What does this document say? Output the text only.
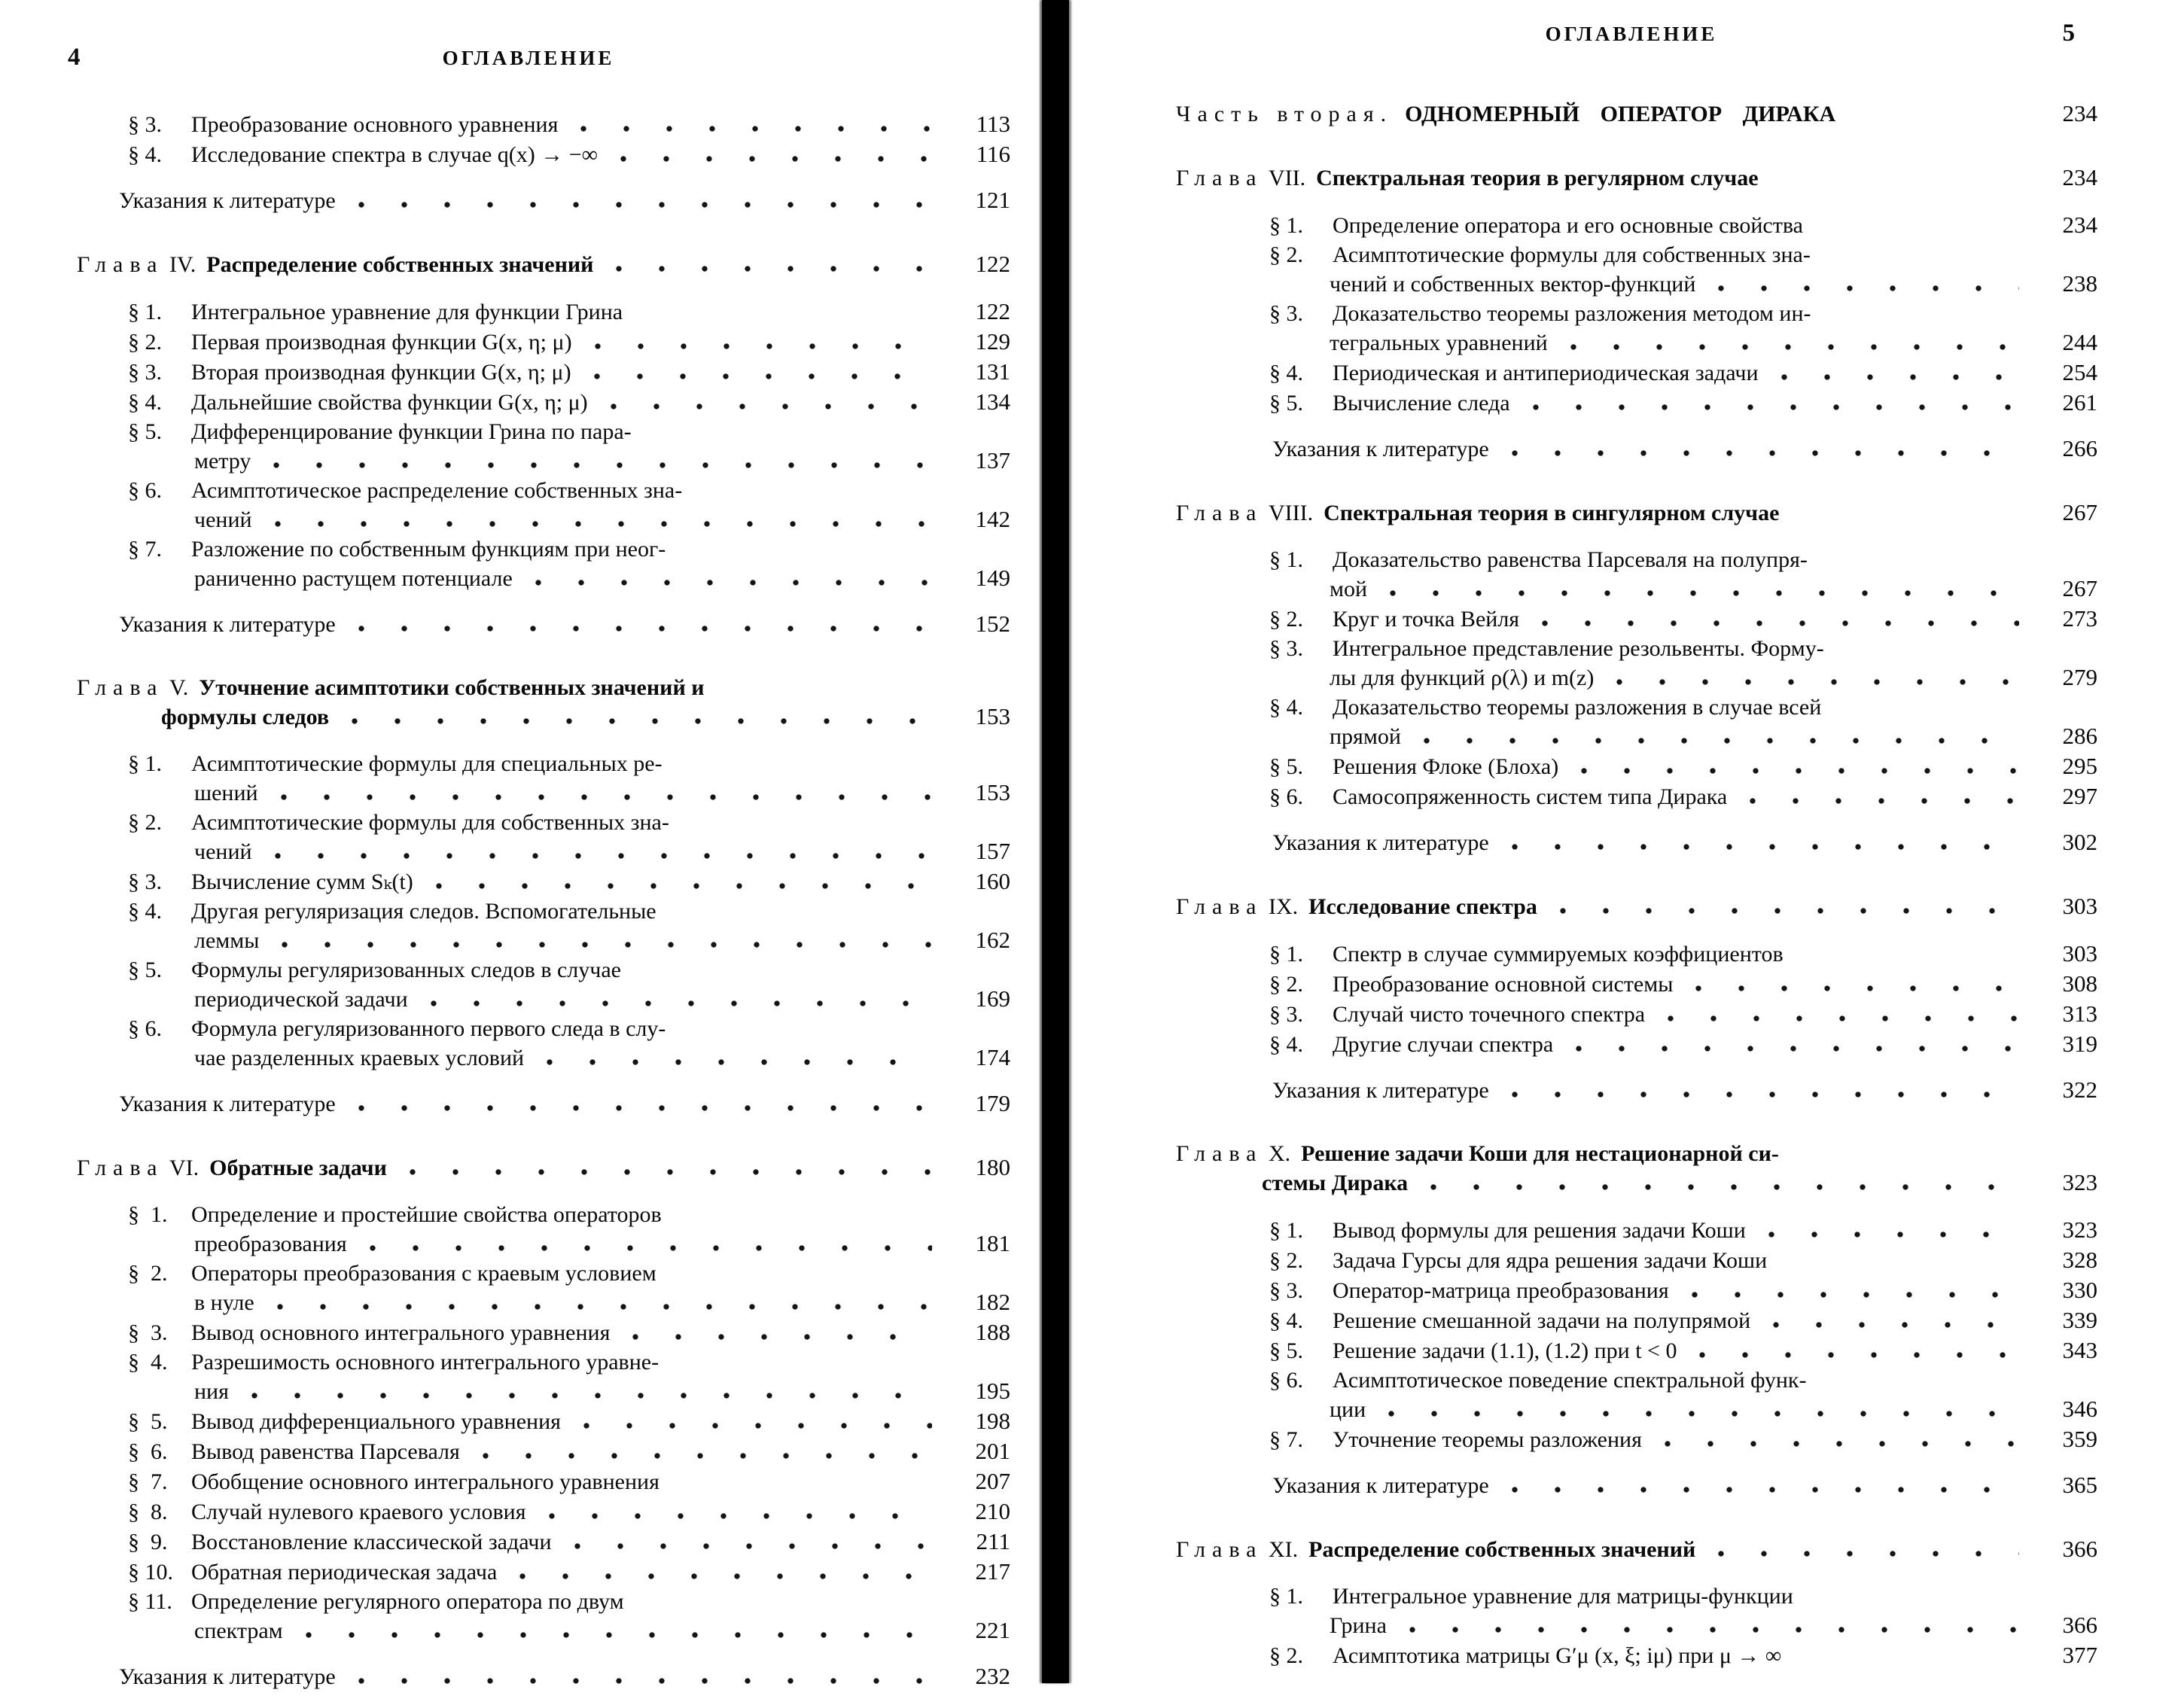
4	ОГЛАВЛЕНИЕ
§ 3.	Преобразование основного уравнения	113
§ 4.	Исследование спектра в случае q(x) → −∞	116
Указания к литературе	121
Глава IV. Распределение собственных значений	122
§ 1.	Интегральное уравнение для функции Грина	122
§ 2.	Первая производная функции G(x, η; μ)	129
§ 3.	Вторая производная функции G(x, η; μ)	131
§ 4.	Дальнейшие свойства функции G(x, η; μ)	134
§ 5.	Дифференцирование функции Грина по пара-
метру	137
§ 6.	Асимптотическое распределение собственных зна-
чений	142
§ 7.	Разложение по собственным функциям при неог-
раниченно растущем потенциале	149
Указания к литературе	152
Глава V. Уточнение асимптотики собственных значений и
формулы следов	153
§ 1.	Асимптотические формулы для специальных ре-
шений	153
§ 2.	Асимптотические формулы для собственных зна-
чений	157
§ 3.	Вычисление сумм Sₖ(t)	160
§ 4.	Другая регуляризация следов. Вспомогательные
леммы	162
§ 5.	Формулы регуляризованных следов в случае
периодической задачи	169
§ 6.	Формула регуляризованного первого следа в слу-
чае разделенных краевых условий	174
Указания к литературе	179
Глава VI. Обратные задачи	180
§  1.	Определение и простейшие свойства операторов
преобразования	181
§  2.	Операторы преобразования с краевым условием
в нуле	182
§  3.	Вывод основного интегрального уравнения	188
§  4.	Разрешимость основного интегрального уравне-
ния	195
§  5.	Вывод дифференциального уравнения	198
§  6.	Вывод равенства Парсеваля	201
§  7.	Обобщение основного интегрального уравнения	207
§  8.	Случай нулевого краевого условия	210
§  9.	Восстановление классической задачи	211
§ 10. Обратная периодическая задача	217
§ 11. Определение регулярного оператора по двум
спектрам	221
Указания к литературе	232
ОГЛАВЛЕНИЕ	5
Часть вторая. ОДНОМЕРНЫЙ ОПЕРАТОР ДИРАКА	234
Глава VII. Спектральная теория в регулярном случае	234
§ 1.	Определение оператора и его основные свойства	234
§ 2.	Асимптотические формулы для собственных зна-
чений и собственных вектор-функций	238
§ 3.	Доказательство теоремы разложения методом ин-
тегральных уравнений	244
§ 4.	Периодическая и антипериодическая задачи	254
§ 5.	Вычисление следа	261
Указания к литературе	266
Глава VIII. Спектральная теория в сингулярном случае	267
§ 1.	Доказательство равенства Парсеваля на полупря-
мой	267
§ 2.	Круг и точка Вейля	273
§ 3.	Интегральное представление резольвенты. Форму-
лы для функций ρ(λ) и m(z)	279
§ 4.	Доказательство теоремы разложения в случае всей
прямой	286
§ 5.	Решения Флоке (Блоха)	295
§ 6.	Самосопряженность систем типа Дирака	297
Указания к литературе	302
Глава IX. Исследование спектра	303
§ 1.	Спектр в случае суммируемых коэффициентов	303
§ 2.	Преобразование основной системы	308
§ 3.	Случай чисто точечного спектра	313
§ 4.	Другие случаи спектра	319
Указания к литературе	322
Глава X. Решение задачи Коши для нестационарной си-
стемы Дирака	323
§ 1.	Вывод формулы для решения задачи Коши	323
§ 2.	Задача Гурсы для ядра решения задачи Коши	328
§ 3.	Оператор-матрица преобразования	330
§ 4.	Решение смешанной задачи на полупрямой	339
§ 5.	Решение задачи (1.1), (1.2) при t < 0	343
§ 6.	Асимптотическое поведение спектральной функ-
ции	346
§ 7.	Уточнение теоремы разложения	359
Указания к литературе	365
Глава XI. Распределение собственных значений	366
§ 1.	Интегральное уравнение для матрицы-функции
Грина	366
§ 2.	Асимптотика матрицы G′μ (x, ξ; iμ) при μ → ∞	377
